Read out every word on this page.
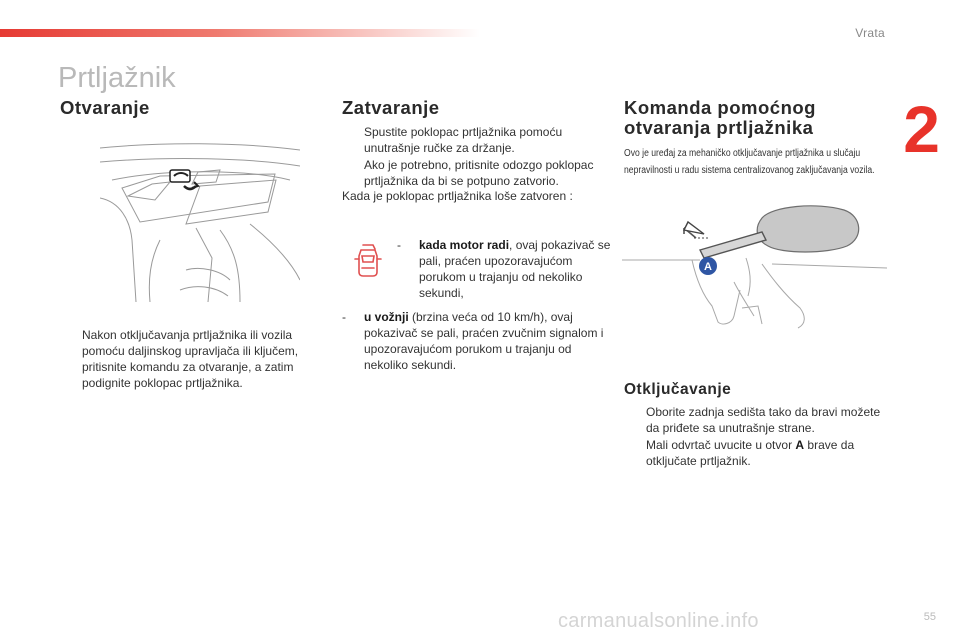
Vrata
2
Prtljažnik
Otvaranje
Nakon otključavanja prtljažnika ili vozila pomoću daljinskog upravljača ili ključem, pritisnite komandu za otvaranje, a zatim podignite poklopac prtljažnika.
Zatvaranje
Spustite poklopac prtljažnika pomoću unutrašnje ručke za držanje.
Ako je potrebno, pritisnite odozgo poklopac prtljažnika da bi se potpuno zatvorio.
Kada je poklopac prtljažnika loše zatvoren :
- kada motor radi, ovaj pokazivač se pali, praćen upozoravajućom porukom u trajanju od nekoliko sekundi,
- u vožnji (brzina veća od 10 km/h), ovaj pokazivač se pali, praćen zvučnim signalom i upozoravajućom porukom u trajanju od nekoliko sekundi.
Komanda pomoćnog otvaranja prtljažnika
Ovo je uređaj za mehaničko otključavanje prtljažnika u slučaju nepravilnosti u radu sistema centralizovanog zaključavanja vozila.
A
Otključavanje
Oborite zadnja sedišta tako da bravi možete da priđete sa unutrašnje strane.
Mali odvrtač uvucite u otvor A brave da otključate prtljažnik.
carmanualsonline.info	55
